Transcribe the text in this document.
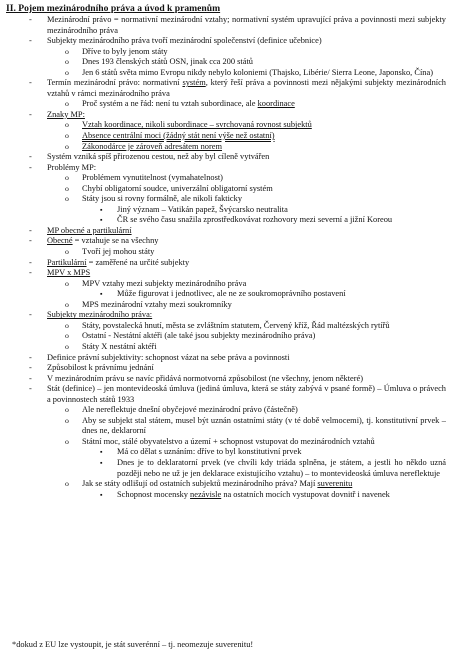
II. Pojem mezinárodního práva a úvod k pramenům
- Mezinárodní právo = normativní mezinárodní vztahy; normativní systém upravující práva a povinnosti mezi subjekty mezinárodního práva
- Subjekty mezinárodního práva tvoří mezinárodní společenství (definice učebnice)
o Dříve to byly jenom státy
o Dnes 193 členských států OSN, jinak cca 200 států
o Jen 6 států světa mimo Evropu nikdy nebylo koloniemi (Thajsko, Libérie/ Sierra Leone, Japonsko, Čína)
- Termín mezinárodní právo: normativní systém, který řeší práva a povinnosti mezi nějakými subjekty mezinárodních vztahů v rámci mezinárodního práva
o Proč systém a ne řád: není tu vztah subordinace, ale koordinace
- Znaky MP:
o Vztah koordinace, nikoli subordinace – svrchovaná rovnost subjektů
o Absence centrální moci (žádný stát není výše než ostatní)
o Zákonodárce je zároveň adresátem norem
- Systém vzniká spíš přirozenou cestou, než aby byl cíleně vytvářen
- Problémy MP:
o Problémem vynutitelnost (vymahatelnost)
o Chybí obligatorní soudce, univerzální obligatorní systém
o Státy jsou si rovny formálně, ale nikoli fakticky
▪ Jiný význam – Vatikán papež, Švýcarsko neutralita
▪ ČR se svého času snažila zprostředkovávat rozhovory mezi severní a jižní Koreou
- MP obecné a partikulární
- Obecné = vztahuje se na všechny
o Tvoří jej mohou státy
- Partikulární = zaměřené na určité subjekty
- MPV x MPS
o MPV vztahy mezi subjekty mezinárodního práva
▪ Může figurovat i jednotlivec, ale ne ze soukromoprávního postavení
o MPS mezinárodní vztahy mezi soukromníky
- Subjekty mezinárodního práva:
o Státy, povstalecká hnutí, města se zvláštním statutem, Červený kříž, Řád maltézských rytířů
o Ostatní - Nestátní aktéři (ale také jsou subjekty mezinárodního práva)
o Státy X nestátní aktéři
- Definice právní subjektivity: schopnost vázat na sebe práva a povinnosti
- Způsobilost k právnímu jednání
- V mezinárodním právu se navíc přidává normotvorná způsobilost (ne všechny, jenom některé)
- Stát (definice) – jen montevideoská úmluva (jediná úmluva, která se státy zabývá v psané formě) – Úmluva o právech a povinnostech států 1933
o Ale nereflektuje dnešní obyčejové mezinárodní právo (částečně)
o Aby se subjekt stal státem, musel být uznán ostatními státy (v té době velmocemi), tj. konstitutivní prvek – dnes ne, deklarorní
o Státní moc, stálé obyvatelstvo a území + schopnost vstupovat do mezinárodních vztahů
▪ Má co dělat s uznáním: dříve to byl konstitutivní prvek
▪ Dnes je to deklaratorní prvek (ve chvíli kdy triáda splněna, je státem, a jestli ho někdo uzná později nebo ne už je jen deklarace existujícího vztahu) – to montevideoská úmluva nereflektuje
o Jak se státy odlišují od ostatních subjektů mezinárodního práva? Mají suverenitu
▪ Schopnost mocensky nezávisle na ostatních mocích vystupovat dovnitř i navenek
*dokud z EU lze vystoupit, je stát suverénní – tj. neomezuje suverenitu!
